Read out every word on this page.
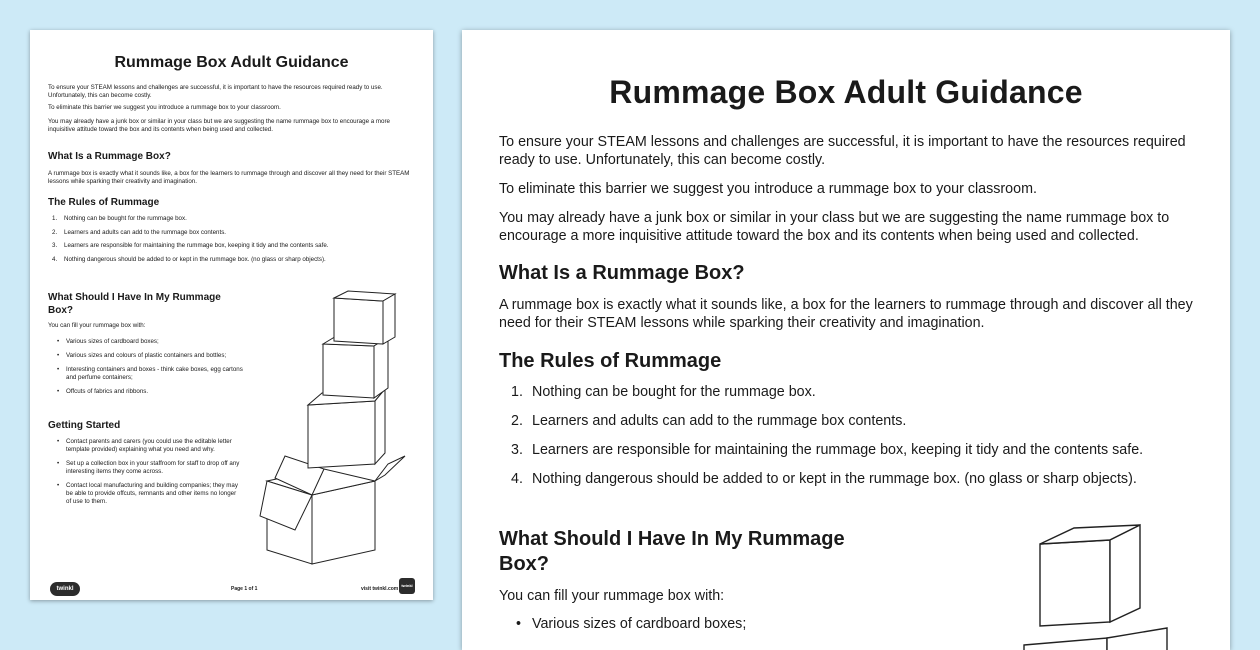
Rummage Box Adult Guidance

To ensure your STEAM lessons and challenges are successful, it is important to have the resources required ready to use. Unfortunately, this can become costly.

To eliminate this barrier we suggest you introduce a rummage box to your classroom.

You may already have a junk box or similar in your class but we are suggesting the name rummage box to encourage a more inquisitive attitude toward the box and its contents when being used and collected.

What Is a Rummage Box?

A rummage box is exactly what it sounds like, a box for the learners to rummage through and discover all they need for their STEAM lessons while sparking their creativity and imagination.

The Rules of Rummage
1.	Nothing can be bought for the rummage box.
2.	Learners and adults can add to the rummage box contents.
3.	Learners are responsible for maintaining the rummage box, keeping it tidy and the contents safe.
4.	Nothing dangerous should be added to or kept in the rummage box. (no glass or sharp objects).
What Should I Have In My Rummage Box?

You can fill your rummage box with:

• Various sizes of cardboard boxes;
• Various sizes and colours of plastic containers and bottles;
• Interesting containers and boxes - think cake boxes, egg cartons and perfume containers;
• Offcuts of fabrics and ribbons.
Getting Started
• Contact parents and carers (you could use the editable letter template provided) explaining what you need and why.
• Set up a collection box in your staffroom for staff to drop off any interesting items they come across.
• Contact local manufacturing and building companies; they may be able to provide offcuts, remnants and other items no longer of use to them.
twinkl	Page 1 of 1	visit twinkl.com
twinkl
Rummage Box Adult Guidance

To ensure your STEAM lessons and challenges are successful, it is important to have the resources required ready to use. Unfortunately, this can become costly.

To eliminate this barrier we suggest you introduce a rummage box to your classroom.

You may already have a junk box or similar in your class but we are suggesting the name rummage box to encourage a more inquisitive attitude toward the box and its contents when being used and collected.

What Is a Rummage Box?

A rummage box is exactly what it sounds like, a box for the learners to rummage through and discover all they need for their STEAM lessons while sparking their creativity and imagination.

The Rules of Rummage
1. Nothing can be bought for the rummage box.
2. Learners and adults can add to the rummage box contents.
3. Learners are responsible for maintaining the rummage box, keeping it tidy and the contents safe.
4. Nothing dangerous should be added to or kept in the rummage box. (no glass or sharp objects).
What Should I Have In My Rummage
Box?

You can fill your rummage box with:

• Various sizes of cardboard boxes;
